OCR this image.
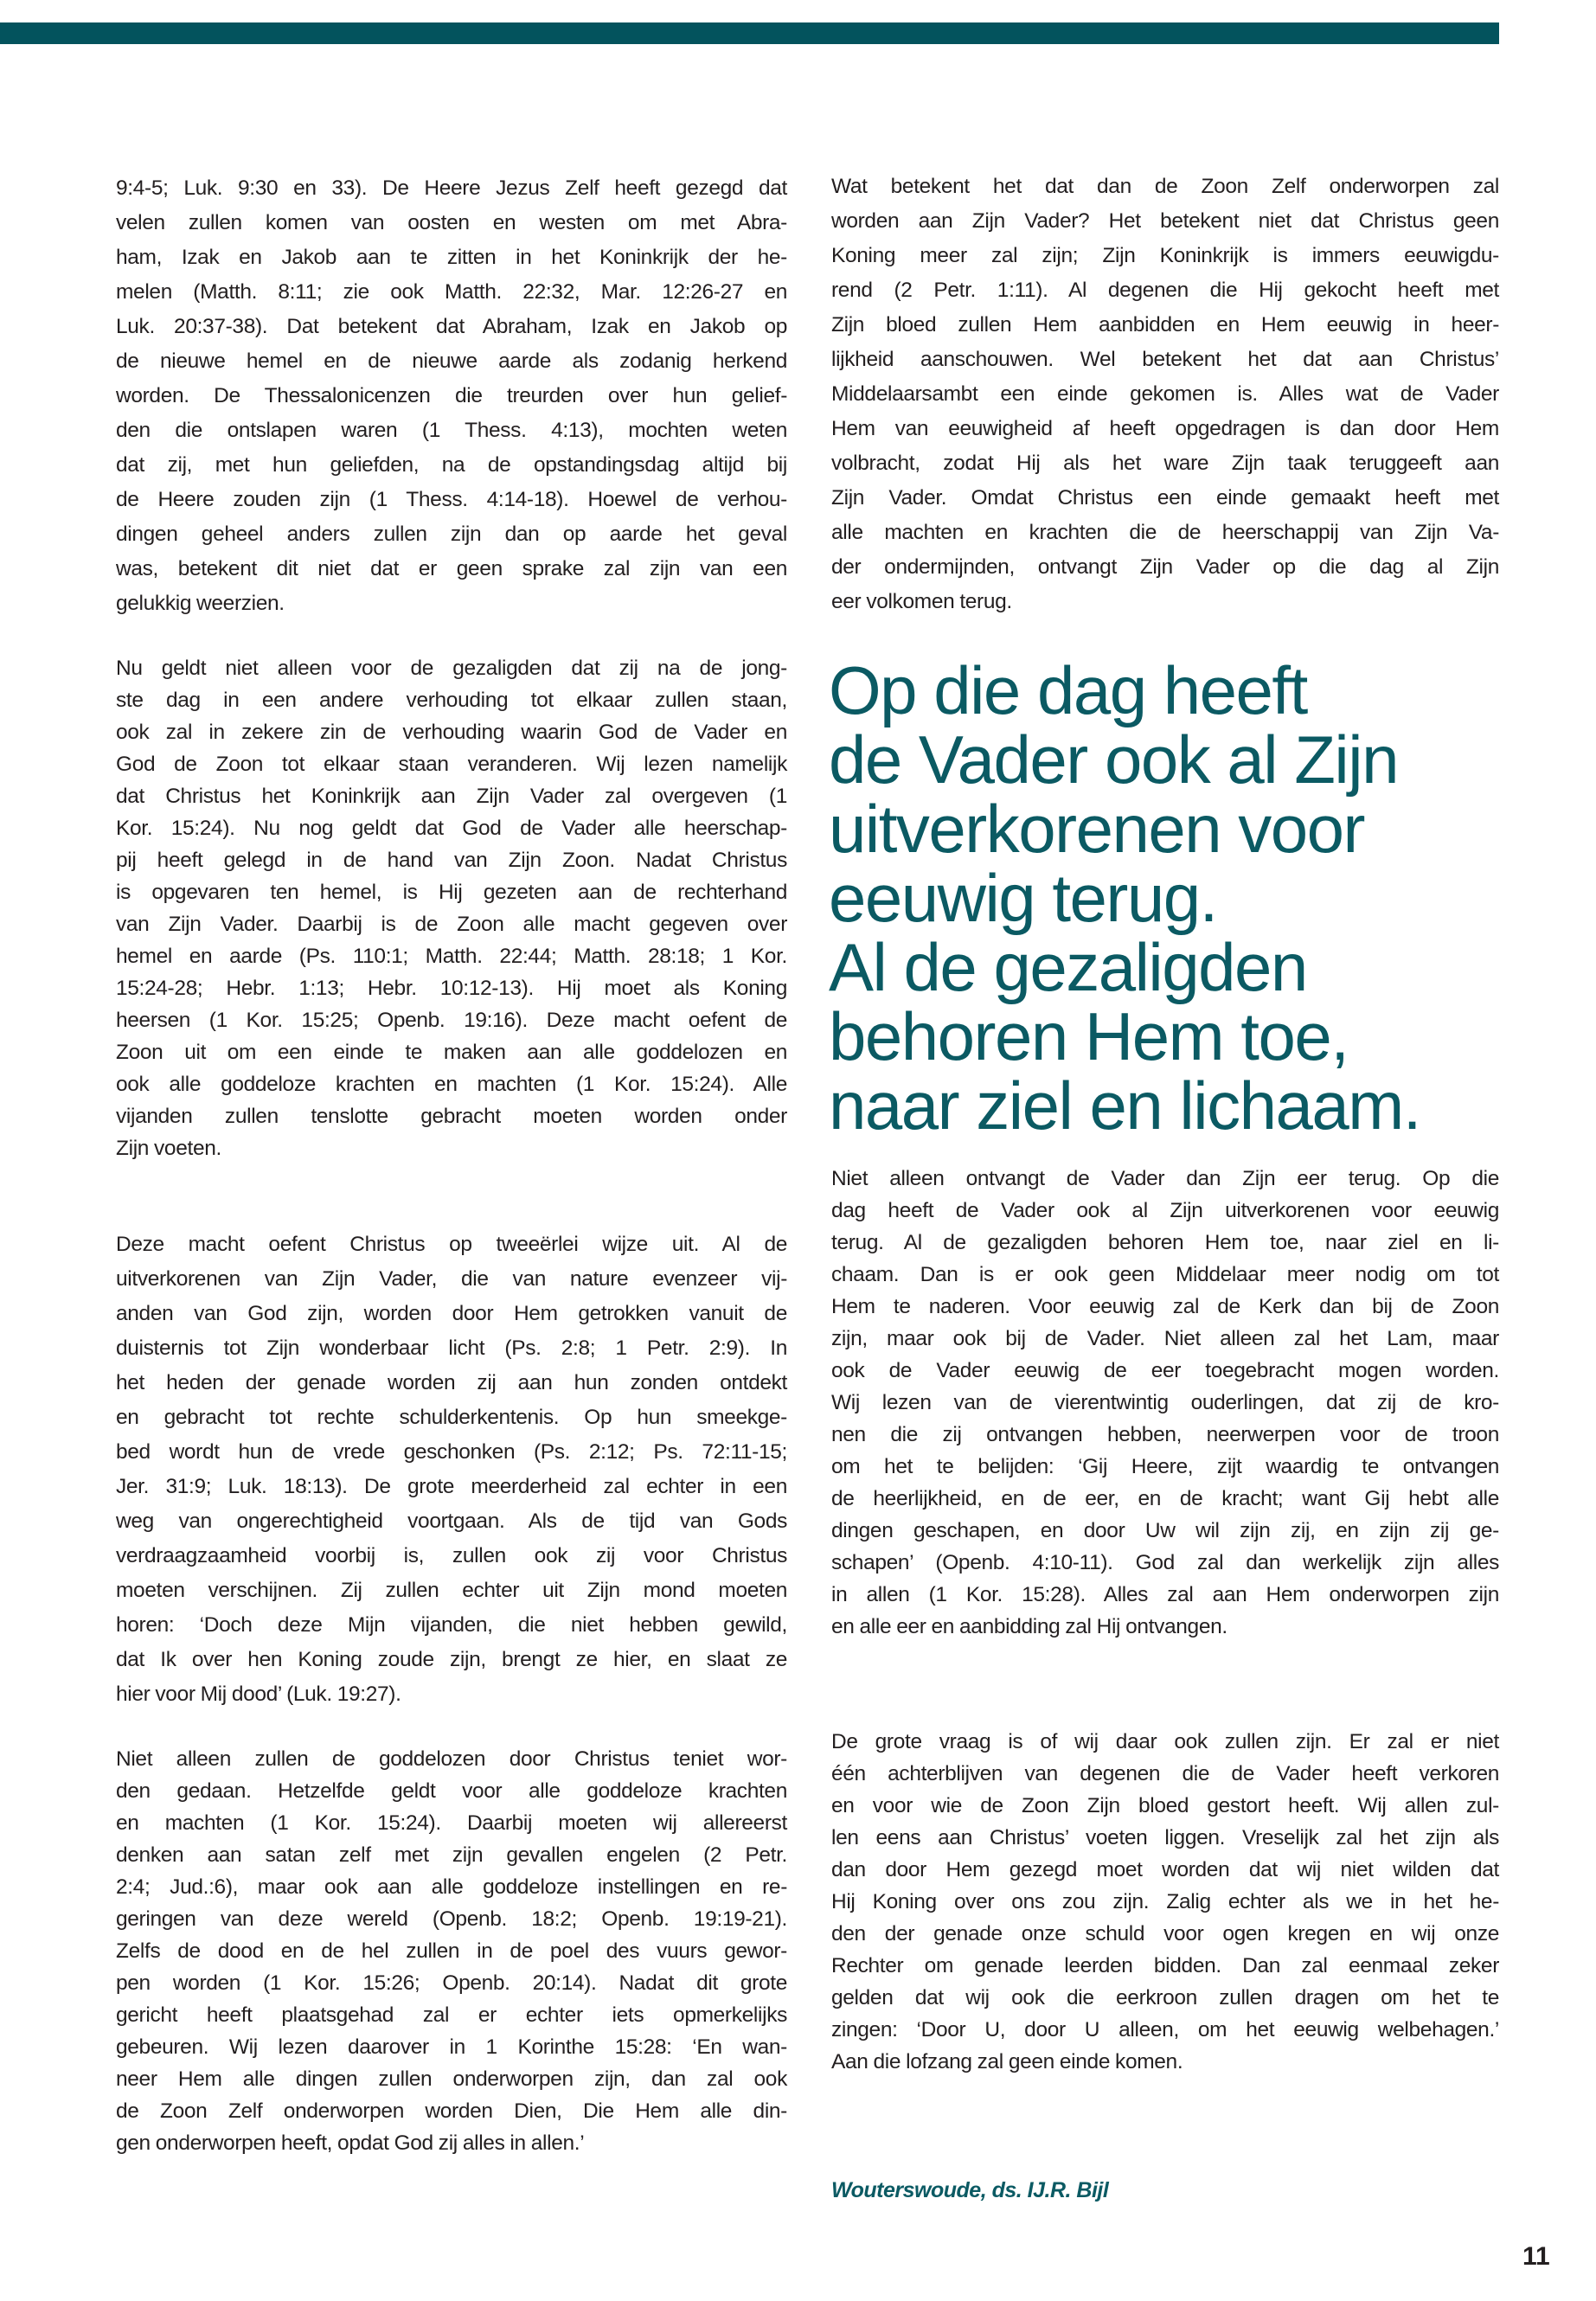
9:4-5; Luk. 9:30 en 33). De Heere Jezus Zelf heeft gezegd dat
velen zullen komen van oosten en westen om met Abra-
ham, Izak en Jakob aan te zitten in het Koninkrijk der he-
melen (Matth. 8:11; zie ook Matth. 22:32, Mar. 12:26-27 en
Luk. 20:37-38). Dat betekent dat Abraham, Izak en Jakob op
de nieuwe hemel en de nieuwe aarde als zodanig herkend
worden. De Thessalonicenzen die treurden over hun gelief-
den die ontslapen waren (1 Thess. 4:13), mochten weten
dat zij, met hun geliefden, na de opstandingsdag altijd bij
de Heere zouden zijn (1 Thess. 4:14-18). Hoewel de verhou-
dingen geheel anders zullen zijn dan op aarde het geval
was, betekent dit niet dat er geen sprake zal zijn van een
gelukkig weerzien.
Nu geldt niet alleen voor de gezaligden dat zij na de jong-
ste dag in een andere verhouding tot elkaar zullen staan,
ook zal in zekere zin de verhouding waarin God de Vader en
God de Zoon tot elkaar staan veranderen. Wij lezen namelijk
dat Christus het Koninkrijk aan Zijn Vader zal overgeven (1
Kor. 15:24). Nu nog geldt dat God de Vader alle heerschap-
pij heeft gelegd in de hand van Zijn Zoon. Nadat Christus
is opgevaren ten hemel, is Hij gezeten aan de rechterhand
van Zijn Vader. Daarbij is de Zoon alle macht gegeven over
hemel en aarde (Ps. 110:1; Matth. 22:44; Matth. 28:18; 1 Kor.
15:24-28; Hebr. 1:13; Hebr. 10:12-13). Hij moet als Koning
heersen (1 Kor. 15:25; Openb. 19:16). Deze macht oefent de
Zoon uit om een einde te maken aan alle goddelozen en
ook alle goddeloze krachten en machten (1 Kor. 15:24). Alle
vijanden zullen tenslotte gebracht moeten worden onder
Zijn voeten.
Deze macht oefent Christus op tweeërlei wijze uit. Al de
uitverkorenen van Zijn Vader, die van nature evenzeer vij-
anden van God zijn, worden door Hem getrokken vanuit de
duisternis tot Zijn wonderbaar licht (Ps. 2:8; 1 Petr. 2:9). In
het heden der genade worden zij aan hun zonden ontdekt
en gebracht tot rechte schulderkentenis. Op hun smeekge-
bed wordt hun de vrede geschonken (Ps. 2:12; Ps. 72:11-15;
Jer. 31:9; Luk. 18:13). De grote meerderheid zal echter in een
weg van ongerechtigheid voortgaan. Als de tijd van Gods
verdraagzaamheid voorbij is, zullen ook zij voor Christus
moeten verschijnen. Zij zullen echter uit Zijn mond moeten
horen: ‘Doch deze Mijn vijanden, die niet hebben gewild,
dat Ik over hen Koning zoude zijn, brengt ze hier, en slaat ze
hier voor Mij dood’ (Luk. 19:27).
Niet alleen zullen de goddelozen door Christus teniet wor-
den gedaan. Hetzelfde geldt voor alle goddeloze krachten
en machten (1 Kor. 15:24). Daarbij moeten wij allereerst
denken aan satan zelf met zijn gevallen engelen (2 Petr.
2:4; Jud.:6), maar ook aan alle goddeloze instellingen en re-
geringen van deze wereld (Openb. 18:2; Openb. 19:19-21).
Zelfs de dood en de hel zullen in de poel des vuurs gewor-
pen worden (1 Kor. 15:26; Openb. 20:14). Nadat dit grote
gericht heeft plaatsgehad zal er echter iets opmerkelijks
gebeuren. Wij lezen daarover in 1 Korinthe 15:28: ‘En wan-
neer Hem alle dingen zullen onderworpen zijn, dan zal ook
de Zoon Zelf onderworpen worden Dien, Die Hem alle din-
gen onderworpen heeft, opdat God zij alles in allen.’
Wat betekent het dat dan de Zoon Zelf onderworpen zal
worden aan Zijn Vader? Het betekent niet dat Christus geen
Koning meer zal zijn; Zijn Koninkrijk is immers eeuwigdu-
rend (2 Petr. 1:11). Al degenen die Hij gekocht heeft met
Zijn bloed zullen Hem aanbidden en Hem eeuwig in heer-
lijkheid aanschouwen. Wel betekent het dat aan Christus’
Middelaarsambt een einde gekomen is. Alles wat de Vader
Hem van eeuwigheid af heeft opgedragen is dan door Hem
volbracht, zodat Hij als het ware Zijn taak teruggeeft aan
Zijn Vader. Omdat Christus een einde gemaakt heeft met
alle machten en krachten die de heerschappij van Zijn Va-
der ondermijnden, ontvangt Zijn Vader op die dag al Zijn
eer volkomen terug.
Op die dag heeft
de Vader ook al Zijn
uitverkorenen voor
eeuwig terug.
Al de gezaligden
behoren Hem toe,
naar ziel en lichaam.
Niet alleen ontvangt de Vader dan Zijn eer terug. Op die
dag heeft de Vader ook al Zijn uitverkorenen voor eeuwig
terug. Al de gezaligden behoren Hem toe, naar ziel en li-
chaam. Dan is er ook geen Middelaar meer nodig om tot
Hem te naderen. Voor eeuwig zal de Kerk dan bij de Zoon
zijn, maar ook bij de Vader. Niet alleen zal het Lam, maar
ook de Vader eeuwig de eer toegebracht mogen worden.
Wij lezen van de vierentwintig ouderlingen, dat zij de kro-
nen die zij ontvangen hebben, neerwerpen voor de troon
om het te belijden: ‘Gij Heere, zijt waardig te ontvangen
de heerlijkheid, en de eer, en de kracht; want Gij hebt alle
dingen geschapen, en door Uw wil zijn zij, en zijn zij ge-
schapen’ (Openb. 4:10-11). God zal dan werkelijk zijn alles
in allen (1 Kor. 15:28). Alles zal aan Hem onderworpen zijn
en alle eer en aanbidding zal Hij ontvangen.
De grote vraag is of wij daar ook zullen zijn. Er zal er niet
één achterblijven van degenen die de Vader heeft verkoren
en voor wie de Zoon Zijn bloed gestort heeft. Wij allen zul-
len eens aan Christus’ voeten liggen. Vreselijk zal het zijn als
dan door Hem gezegd moet worden dat wij niet wilden dat
Hij Koning over ons zou zijn. Zalig echter als we in het he-
den der genade onze schuld voor ogen kregen en wij onze
Rechter om genade leerden bidden. Dan zal eenmaal zeker
gelden dat wij ook die eerkroon zullen dragen om het te
zingen: ‘Door U, door U alleen, om het eeuwig welbehagen.’
Aan die lofzang zal geen einde komen.
Wouterswoude, ds. IJ.R. Bijl
11
